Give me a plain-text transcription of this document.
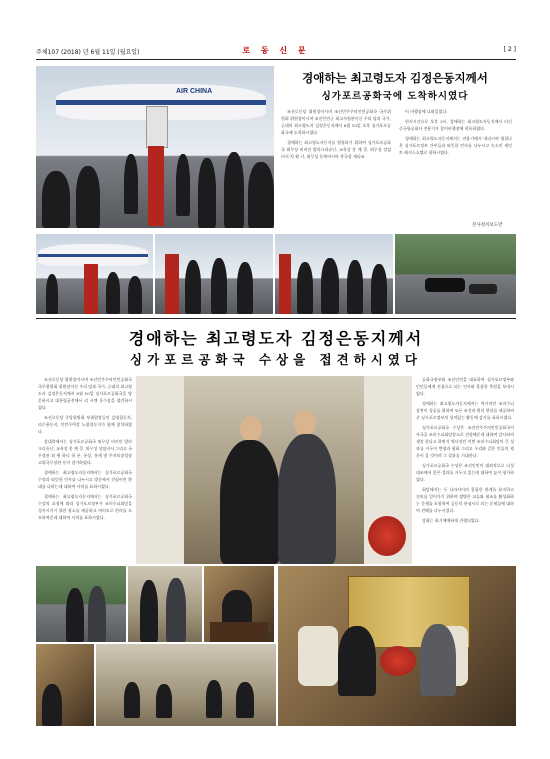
주체107 (2018) 년 6월 11일 (월요일)	로 동 신 문	[ 2 ]
AIR CHINA
경애하는 최고령도자 김정은동지께서
싱가포르공화국에 도착하시였다

조선로동당 위원장이시며 조선민주주의인민공화국 국무위원회 위원장이시며 조선인민군 최고사령관이신 우리 당과 국가, 군대의 최고령도자 김정은동지께서 6월 10일 오후 싱가포르공화국에 도착하시였다.

경애하는 최고령도자동지를 영접하기 위하여 싱가포르공화국 외무상 비비안 발라크리슈난, 교육상 옹 예 쿵, 외무성 상임비서 치 윙 키, 외무성 동북아시아 총국장 제리조

이 비행장에 나와있었다.

현지시간으로 오후 3시, 경애하는 최고령도자동지께서 타신 중국항공회사 전용기가 창이비행장에 착륙하였다.

경애하는 최고령도자동지께서는 전용기에서 내리시여 영접나온 싱가포르정부 간부들과 따뜻한 인사를 나누시고 숙소인 세인트 레지스호텔로 향하시였다.

본사정치보도반
경애하는 최고령도자 김정은동지께서
싱가포르공화국 수상을 접견하시였다

조선로동당 위원장이시며 조선민주주의인민공화국 국무위원회 위원장이신 우리 당과 국가, 군대의 최고령도자 김정은동지께서 6월 10일 싱가포르공화국을 방문하시고 대통령궁전에서 리 시엔 룽수상을 접견하시였다.

조선로동당 중앙위원회 부위원장들인 김영철동지, 리수용동지, 인민무력상 노광철동지가 함께 참석하였다.

상대측에서는 싱가포르공화국 외무상 비비안 발라크리슈난, 교육상 옹 예 쿵, 외무성 상임비서 그리고 국무장관 외 윙 하티 하 푼, 통상, 통계 및 투자보장성장 고위국무장관 등이 참가하였다.

경애하는 최고령도자동지께서는 싱가포르공화국 수상과 따뜻한 인사를 나누시고 방문에서 진심어린 환대를 다하는데 대하여 사의를 표하시였다.

경애하는 최고령도자동지께서는 싱가포르공화국 수상의 초청에 따라 싱가포르정부가 조미수뇌회담을 성사시키기 위한 장소를 제공하고 여러모로 편의를 도모하여준데 대하여 사의를 표하시였다.

공화국정부와 조선인민을 대표하여 싱가포르정부와 인민들에게 진심으로 되는 인사와 훌륭한 축원을 보내시였다.

경애하는 최고령도자동지께서는 력사적인 조미수뇌상봉이 성공를 위하여 모든 조건과 편의 편리를 제공하여준 싱가포르정부의 성의있는 활동에 감사를 표하시였다.

싱가포르공화국 수상은 조선민주주의인민공화국이 자국을 조미수뇌회담장소로 선정해준데 대하여 감사하여 생각 한다고 하면서 역사적인 이번 조미수뇌회담이 큰 성과를 거두어 번영과 평화 그리고 우리와 같은 인류의 행운이 올 것이며 그 결과를 기대한다.

싱가포르공화국 수상은 조선인민이 대외적으로 다섯 대조에서 좋은 성과를 거두고 있는데 대하여 높이 평가하였다.

회담에서는 두 나라사이의 훌륭한 관계를 유지하고 진보를 일어가기 위하여 쌍방은 교류와 협조를 활성화하는 문제를 포함하여 공동의 관심사로 되는 문제들에 대하여 견해를 나누시었다.

담화는 화기애애하게 진행되었다.
